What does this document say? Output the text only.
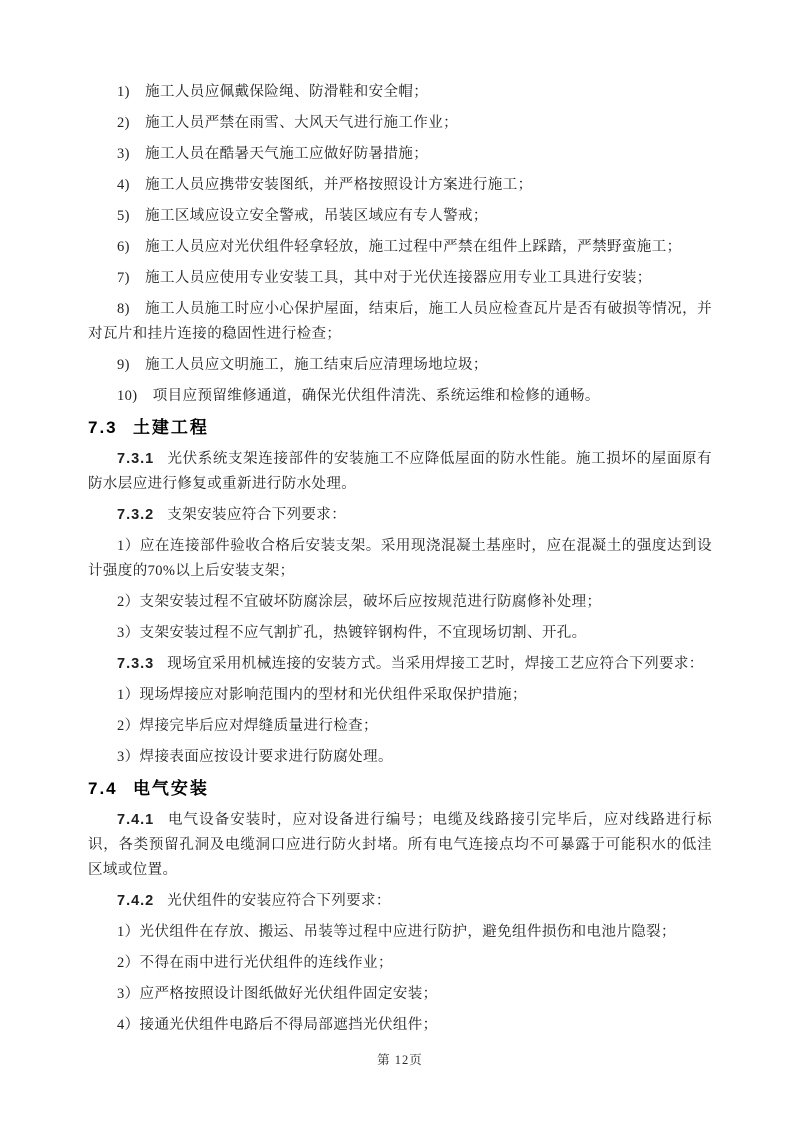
1) 施工人员应佩戴保险绳、防滑鞋和安全帽；

2) 施工人员严禁在雨雪、大风天气进行施工作业；

3) 施工人员在酷暑天气施工应做好防暑措施；

4) 施工人员应携带安装图纸，并严格按照设计方案进行施工；

5) 施工区域应设立安全警戒，吊装区域应有专人警戒；

6) 施工人员应对光伏组件轻拿轻放，施工过程中严禁在组件上踩踏，严禁野蛮施工；

7) 施工人员应使用专业安装工具，其中对于光伏连接器应用专业工具进行安装；

8) 施工人员施工时应小心保护屋面，结束后，施工人员应检查瓦片是否有破损等情况，并对瓦片和挂片连接的稳固性进行检查；

9) 施工人员应文明施工，施工结束后应清理场地垃圾；

10) 项目应预留维修通道，确保光伏组件清洗、系统运维和检修的通畅。

7.3 土建工程

7.3.1 光伏系统支架连接部件的安装施工不应降低屋面的防水性能。施工损坏的屋面原有防水层应进行修复或重新进行防水处理。

7.3.2 支架安装应符合下列要求：

1）应在连接部件验收合格后安装支架。采用现浇混凝土基座时，应在混凝土的强度达到设计强度的70%以上后安装支架；

2）支架安装过程不宜破坏防腐涂层，破坏后应按规范进行防腐修补处理；

3）支架安装过程不应气割扩孔，热镀锌钢构件，不宜现场切割、开孔。

7.3.3 现场宜采用机械连接的安装方式。当采用焊接工艺时，焊接工艺应符合下列要求：

1）现场焊接应对影响范围内的型材和光伏组件采取保护措施；

2）焊接完毕后应对焊缝质量进行检查；

3）焊接表面应按设计要求进行防腐处理。

7.4 电气安装

7.4.1 电气设备安装时，应对设备进行编号；电缆及线路接引完毕后，应对线路进行标识，各类预留孔洞及电缆洞口应进行防火封堵。所有电气连接点均不可暴露于可能积水的低洼区域或位置。

7.4.2 光伏组件的安装应符合下列要求：

1）光伏组件在存放、搬运、吊装等过程中应进行防护，避免组件损伤和电池片隐裂；

2）不得在雨中进行光伏组件的连线作业；

3）应严格按照设计图纸做好光伏组件固定安装；

4）接通光伏组件电路后不得局部遮挡光伏组件；

第 12页
